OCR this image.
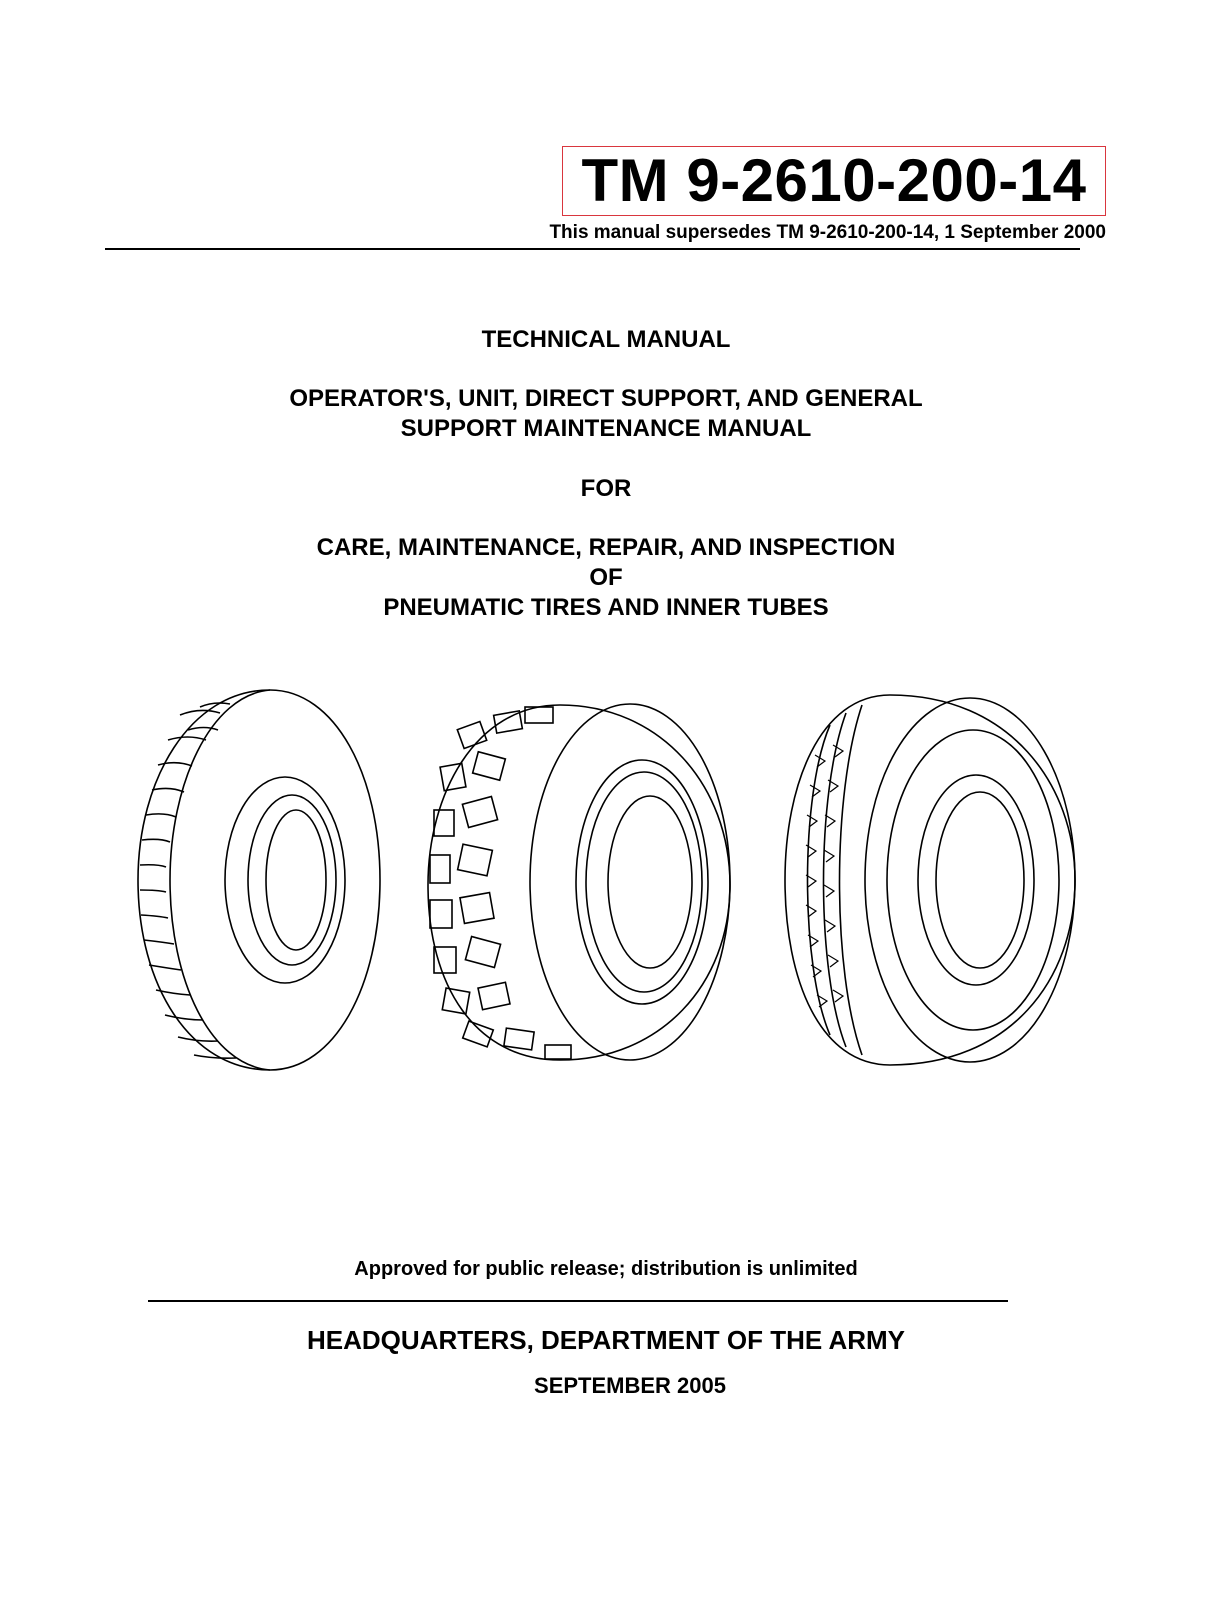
TM 9-2610-200-14
This manual supersedes TM 9-2610-200-14, 1 September 2000
TECHNICAL MANUAL
OPERATOR'S, UNIT, DIRECT SUPPORT, AND GENERAL
SUPPORT MAINTENANCE MANUAL
FOR
CARE, MAINTENANCE, REPAIR, AND INSPECTION
OF
PNEUMATIC TIRES AND INNER TUBES
Approved for public release; distribution is unlimited
HEADQUARTERS, DEPARTMENT OF THE ARMY
SEPTEMBER 2005
